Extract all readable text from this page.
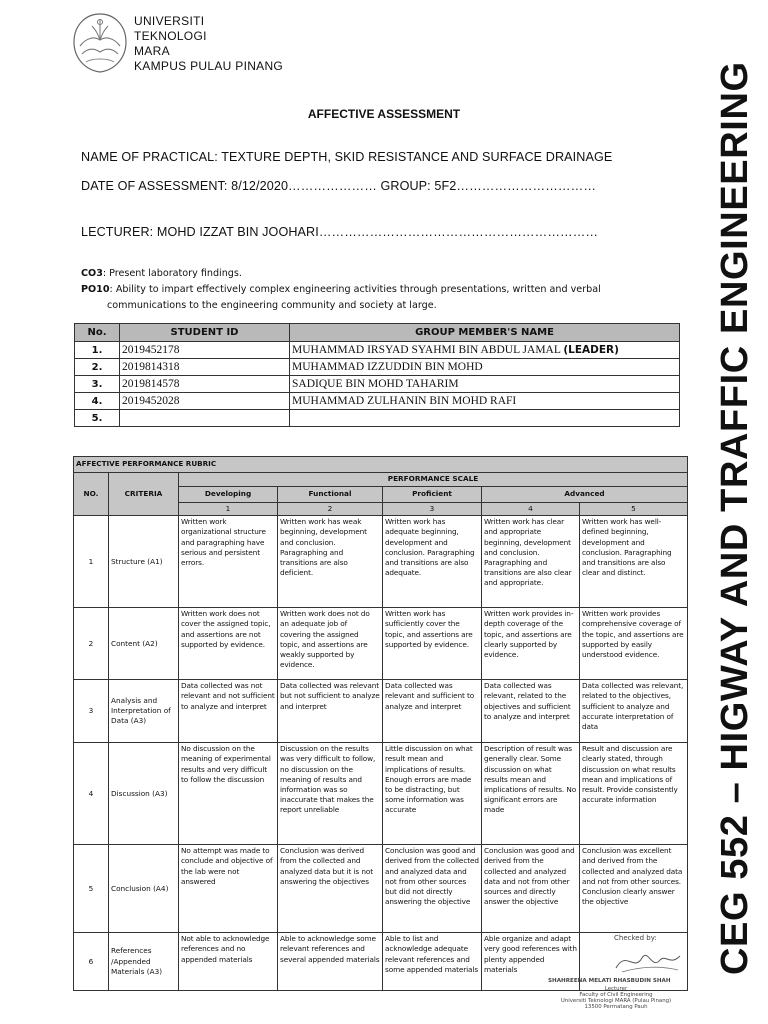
UNIVERSITI
TEKNOLOGI
MARA
KAMPUS PULAU PINANG
AFFECTIVE ASSESSMENT
NAME OF PRACTICAL: TEXTURE DEPTH, SKID RESISTANCE AND SURFACE DRAINAGE
DATE OF ASSESSMENT: 8/12/2020………………… GROUP: 5F2……………………………
LECTURER: MOHD IZZAT BIN JOOHARI…………………………………………………………
CO3: Present laboratory findings.
PO10: Ability to impart effectively complex engineering activities through presentations, written and verbal
communications to the engineering community and society at large.
No.	STUDENT ID	GROUP MEMBER'S NAME
1.	2019452178	MUHAMMAD IRSYAD SYAHMI BIN ABDUL JAMAL (LEADER)
2.	2019814318	MUHAMMAD IZZUDDIN BIN MOHD
3.	2019814578	SADIQUE BIN MOHD TAHARIM
4.	2019452028	MUHAMMAD ZULHANIN BIN MOHD RAFI
5.		
AFFECTIVE PERFORMANCE RUBRIC						
NO.	CRITERIA	PERFORMANCE SCALE				
		Developing	Functional	Proficient	Advanced	
		1	2	3	4	5
1	Structure (A1)	Written work organizational structure and paragraphing have serious and persistent errors.	Written work has weak beginning, development and conclusion. Paragraphing and transitions are also deficient.	Written work has adequate beginning, development and conclusion. Paragraphing and transitions are also adequate.	Written work has clear and appropriate beginning, development and conclusion. Paragraphing and transitions are also clear and appropriate.	Written work has well-defined beginning, development and conclusion. Paragraphing and transitions are also clear and distinct.
2	Content (A2)	Written work does not cover the assigned topic, and assertions are not supported by evidence.	Written work does not do an adequate job of covering the assigned topic, and assertions are weakly supported by evidence.	Written work has sufficiently cover the topic, and assertions are supported by evidence.	Written work provides in-depth coverage of the topic, and assertions are clearly supported by evidence.	Written work provides comprehensive coverage of the topic, and assertions are supported by easily understood evidence.
3	Analysis and Interpretation of Data (A3)	Data collected was not relevant and not sufficient to analyze and interpret	Data collected was relevant but not sufficient to analyze and interpret	Data collected was relevant and sufficient to analyze and interpret	Data collected was relevant, related to the objectives and sufficient to analyze and interpret	Data collected was relevant, related to the objectives, sufficient to analyze and accurate interpretation of data
4	Discussion (A3)	No discussion on the meaning of experimental results and very difficult to follow the discussion	Discussion on the results was very difficult to follow, no discussion on the meaning of results and information was so inaccurate that makes the report unreliable	Little discussion on what result mean and implications of results. Enough errors are made to be distracting, but some information was accurate	Description of result was generally clear. Some discussion on what results mean and implications of results. No significant errors are made	Result and discussion are clearly stated, through discussion on what results mean and implications of result. Provide consistently accurate information
5	Conclusion (A4)	No attempt was made to conclude and objective of the lab were not answered	Conclusion was derived from the collected and analyzed data but it is not answering the objectives	Conclusion was good and derived from the collected and analyzed data and not from other sources but did not directly answering the objective	Conclusion was good and derived from the collected and analyzed data and not from other sources and directly answer the objective	Conclusion was excellent and derived from the collected and analyzed data and not from other sources. Conclusion clearly answer the objective
6	References /Appended Materials (A3)	Not able to acknowledge references and no appended materials	Able to acknowledge some relevant references and several appended materials	Able to list and acknowledge adequate relevant references and some appended materials	Able organize and adapt very good references with plenty appended materials	
Checked by:
SHAHREENA MELATI RHASBUDIN SHAH
Lecturer
Faculty of Civil Engineering
Universiti Teknologi MARA (Pulau Pinang)
13500 Permatang Pauh
CEG 552 – HIGWAY AND TRAFFIC ENGINEERING
